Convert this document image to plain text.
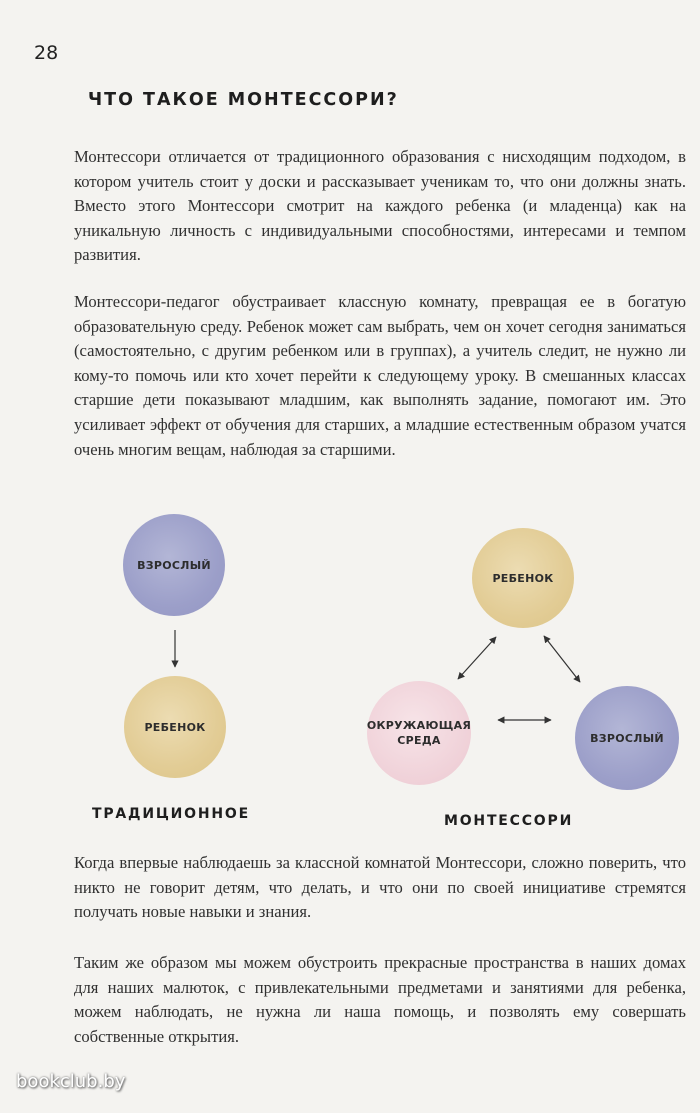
28
ЧТО ТАКОЕ МОНТЕССОРИ?

Монтессори отличается от традиционного образования с нисходящим подходом, в котором учитель стоит у доски и рассказывает ученикам то, что они должны знать. Вместо этого Монтессори смотрит на каждого ребенка (и младенца) как на уникальную личность с индивидуальными способностями, интересами и темпом развития.

Монтессори-педагог обустраивает классную комнату, превращая ее в богатую образовательную среду. Ребенок может сам выбрать, чем он хочет сегодня заниматься (самостоятельно, с другим ребенком или в группах), а учитель следит, не нужно ли кому-то помочь или кто хочет перейти к следующему уроку. В смешанных классах старшие дети показывают младшим, как выполнять задание, помогают им. Это усиливает эффект от обучения для старших, а младшие естественным образом учатся очень многим вещам, наблюдая за старшими.

ВЗРОСЛЫЙ
РЕБЕНОК
РЕБЕНОК
ОКРУЖАЮЩАЯ
СРЕДА	ВЗРОСЛЫЙ
ТРАДИЦИОННОЕ	МОНТЕССОРИ

Когда впервые наблюдаешь за классной комнатой Монтессори, сложно поверить, что никто не говорит детям, что делать, и что они по своей инициативе стремятся получать новые навыки и знания.

Таким же образом мы можем обустроить прекрасные пространства в наших домах для наших малюток, с привлекательными предметами и занятиями для ребенка, можем наблюдать, не нужна ли наша помощь, и позволять ему совершать собственные открытия.

bookclub.by
